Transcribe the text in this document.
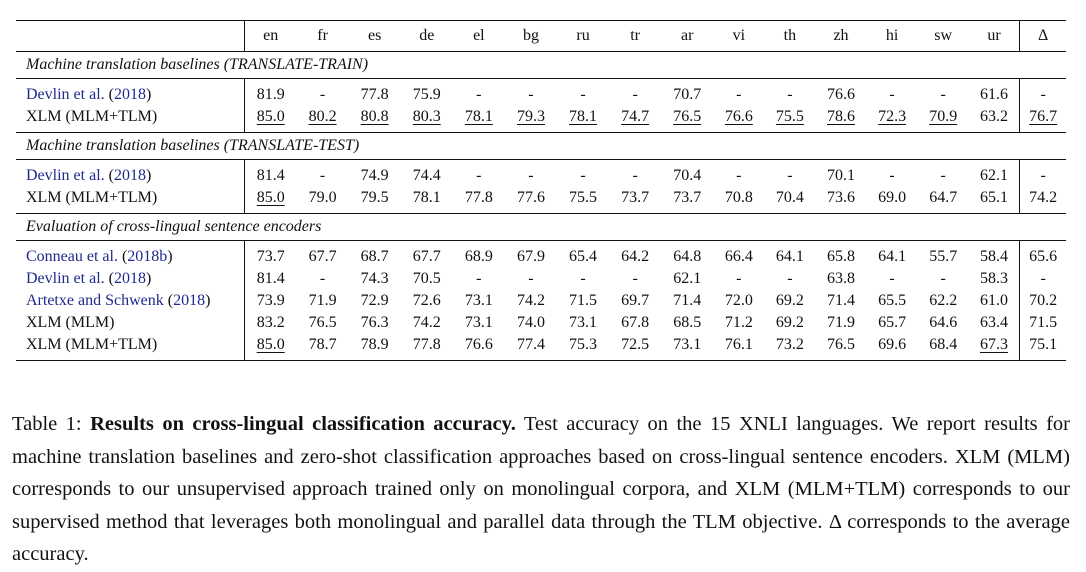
	en	fr	es	de	el	bg	ru	tr	ar	vi	th	zh	hi	sw	ur	Δ
Machine translation baselines (TRANSLATE-TRAIN)																
Devlin et al. (2018)	81.9	-	77.8	75.9	-	-	-	-	70.7	-	-	76.6	-	-	61.6	-
XLM (MLM+TLM)	85.0	80.2	80.8	80.3	78.1	79.3	78.1	74.7	76.5	76.6	75.5	78.6	72.3	70.9	63.2	76.7
Machine translation baselines (TRANSLATE-TEST)																
Devlin et al. (2018)	81.4	-	74.9	74.4	-	-	-	-	70.4	-	-	70.1	-	-	62.1	-
XLM (MLM+TLM)	85.0	79.0	79.5	78.1	77.8	77.6	75.5	73.7	73.7	70.8	70.4	73.6	69.0	64.7	65.1	74.2
Evaluation of cross-lingual sentence encoders																
Conneau et al. (2018b)	73.7	67.7	68.7	67.7	68.9	67.9	65.4	64.2	64.8	66.4	64.1	65.8	64.1	55.7	58.4	65.6
Devlin et al. (2018)	81.4	-	74.3	70.5	-	-	-	-	62.1	-	-	63.8	-	-	58.3	-
Artetxe and Schwenk (2018)	73.9	71.9	72.9	72.6	73.1	74.2	71.5	69.7	71.4	72.0	69.2	71.4	65.5	62.2	61.0	70.2
XLM (MLM)	83.2	76.5	76.3	74.2	73.1	74.0	73.1	67.8	68.5	71.2	69.2	71.9	65.7	64.6	63.4	71.5
XLM (MLM+TLM)	85.0	78.7	78.9	77.8	76.6	77.4	75.3	72.5	73.1	76.1	73.2	76.5	69.6	68.4	67.3	75.1

Table 1: Results on cross-lingual classification accuracy. Test accuracy on the 15 XNLI languages. We report results for machine translation baselines and zero-shot classification approaches based on cross-lingual sentence encoders. XLM (MLM) corresponds to our unsupervised approach trained only on monolingual corpora, and XLM (MLM+TLM) corresponds to our supervised method that leverages both monolingual and parallel data through the TLM objective. Δ corresponds to the average accuracy.
